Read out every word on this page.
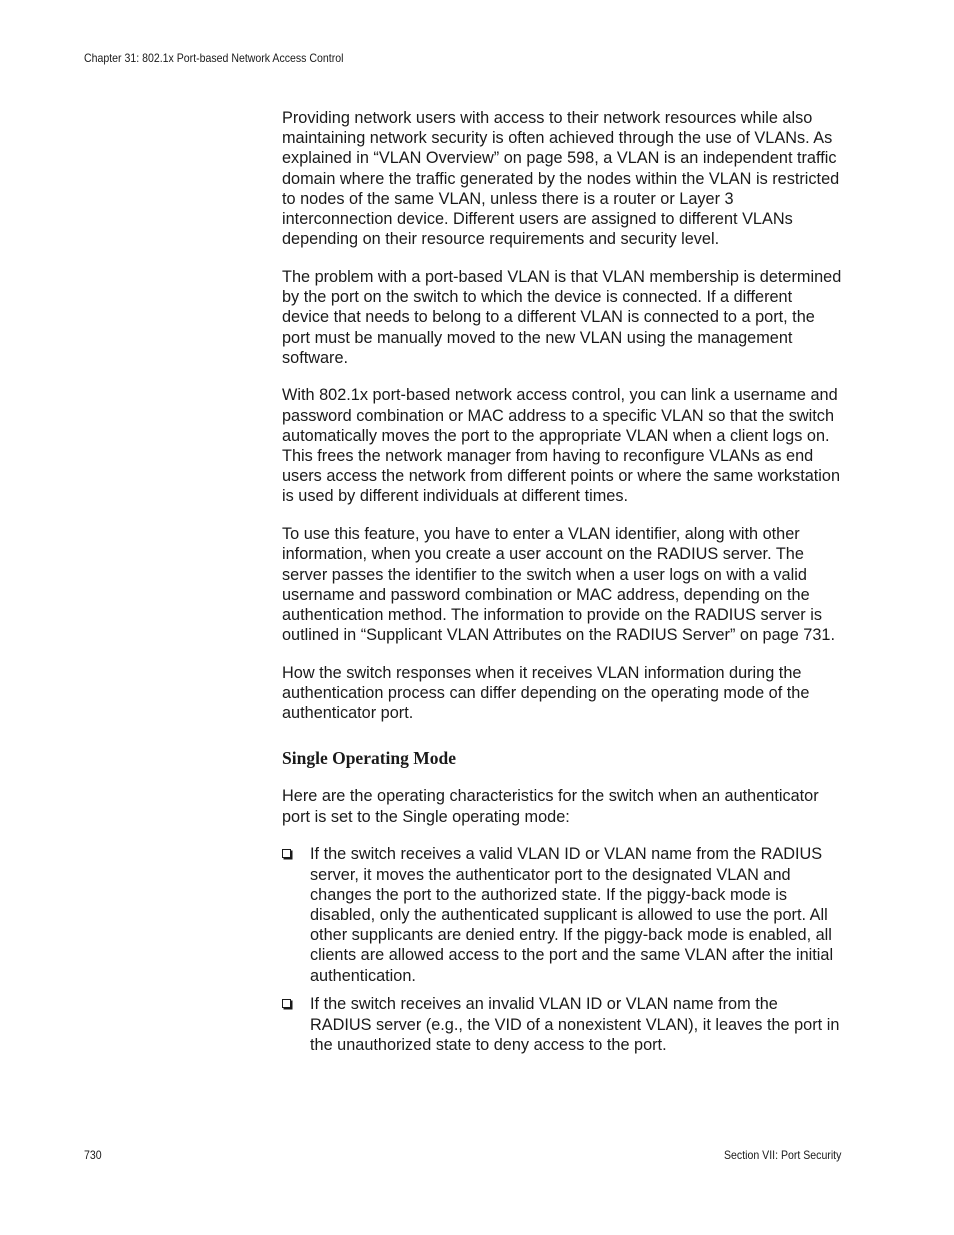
Chapter 31: 802.1x Port-based Network Access Control

Providing network users with access to their network resources while also maintaining network security is often achieved through the use of VLANs. As explained in “VLAN Overview” on page 598, a VLAN is an independent traffic domain where the traffic generated by the nodes within the VLAN is restricted to nodes of the same VLAN, unless there is a router or Layer 3 interconnection device. Different users are assigned to different VLANs depending on their resource requirements and security level.

The problem with a port-based VLAN is that VLAN membership is determined by the port on the switch to which the device is connected. If a different device that needs to belong to a different VLAN is connected to a port, the port must be manually moved to the new VLAN using the management software.

With 802.1x port-based network access control, you can link a username and password combination or MAC address to a specific VLAN so that the switch automatically moves the port to the appropriate VLAN when a client logs on. This frees the network manager from having to reconfigure VLANs as end users access the network from different points or where the same workstation is used by different individuals at different times.

To use this feature, you have to enter a VLAN identifier, along with other information, when you create a user account on the RADIUS server. The server passes the identifier to the switch when a user logs on with a valid username and password combination or MAC address, depending on the authentication method. The information to provide on the RADIUS server is outlined in “Supplicant VLAN Attributes on the RADIUS Server” on page 731.

How the switch responses when it receives VLAN information during the authentication process can differ depending on the operating mode of the authenticator port.

Single Operating Mode

Here are the operating characteristics for the switch when an authenticator port is set to the Single operating mode:

If the switch receives a valid VLAN ID or VLAN name from the RADIUS server, it moves the authenticator port to the designated VLAN and changes the port to the authorized state. If the piggy-back mode is disabled, only the authenticated supplicant is allowed to use the port. All other supplicants are denied entry. If the piggy-back mode is enabled, all clients are allowed access to the port and the same VLAN after the initial authentication.
If the switch receives an invalid VLAN ID or VLAN name from the RADIUS server (e.g., the VID of a nonexistent VLAN), it leaves the port in the unauthorized state to deny access to the port.
730	Section VII: Port Security
